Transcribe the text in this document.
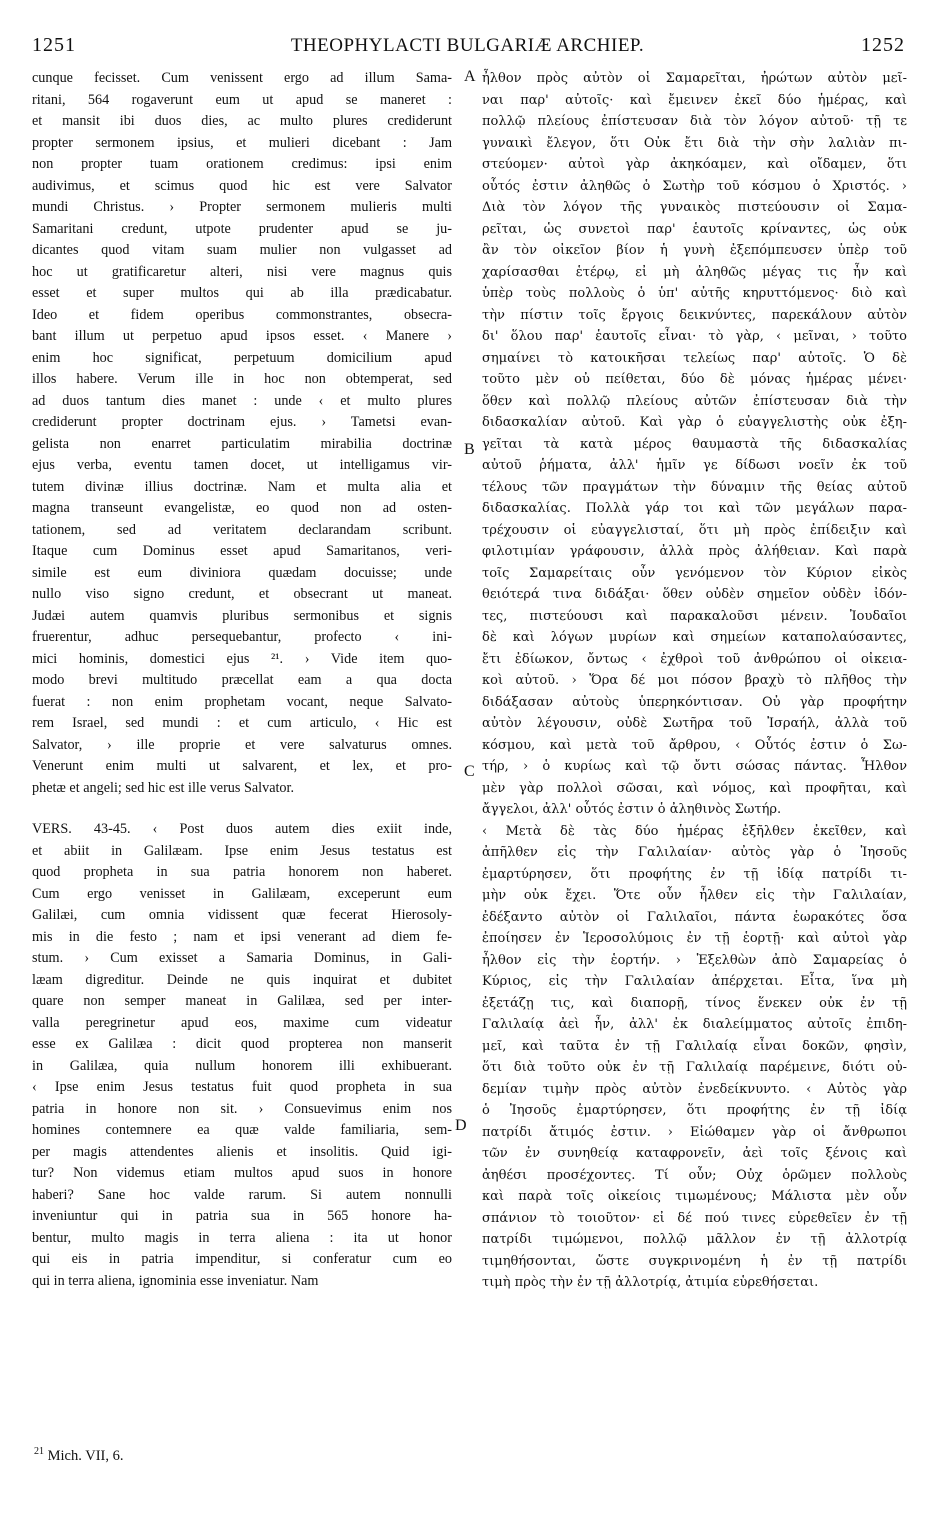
1251	THEOPHYLACTI BULGARIÆ ARCHIEP.	1252
cunque fecisset. Cum venissent ergo ad illum Sama-
ritani, 564 rogaverunt eum ut apud se maneret :
et mansit ibi duos dies, ac multo plures crediderunt
propter sermonem ipsius, et mulieri dicebant : Jam
non propter tuam orationem credimus: ipsi enim
audivimus, et scimus quod hic est vere Salvator
mundi Christus. › Propter sermonem mulieris multi
Samaritani credunt, utpote prudenter apud se ju-
dicantes quod vitam suam mulier non vulgasset ad
hoc ut gratificaretur alteri, nisi vere magnus quis
esset et super multos qui ab illa prædicabatur.
Ideo et fidem operibus commonstrantes, obsecra-
bant illum ut perpetuo apud ipsos esset. ‹ Manere ›
enim hoc significat, perpetuum domicilium apud
illos habere. Verum ille in hoc non obtemperat, sed
ad duos tantum dies manet : unde ‹ et multo plures
crediderunt propter doctrinam ejus. › Tametsi evan-
gelista non enarret particulatim mirabilia doctrinæ
ejus verba, eventu tamen docet, ut intelligamus vir-
tutem divinæ illius doctrinæ. Nam et multa alia et
magna transeunt evangelistæ, eo quod non ad osten-
tationem, sed ad veritatem declarandam scribunt.
Itaque cum Dominus esset apud Samaritanos, veri-
simile est eum diviniora quædam docuisse; unde
nullo viso signo credunt, et obsecrant ut maneat.
Judæi autem quamvis pluribus sermonibus et signis
fruerentur, adhuc persequebantur, profecto ‹ ini-
mici hominis, domestici ejus ²¹. › Vide item quo-
modo brevi multitudo præcellat eam a qua docta
fuerat : non enim prophetam vocant, neque Salvato-
rem Israel, sed mundi : et cum articulo, ‹ Hic est
Salvator, › ille proprie et vere salvaturus omnes.
Venerunt enim multi ut salvarent, et lex, et pro-
phetæ et angeli; sed hic est ille verus Salvator.
VERS. 43-45. ‹ Post duos autem dies exiit inde,
et abiit in Galilæam. Ipse enim Jesus testatus est
quod propheta in sua patria honorem non haberet.
Cum ergo venisset in Galilæam, exceperunt eum
Galilæi, cum omnia vidissent quæ fecerat Hierosoly-
mis in die festo ; nam et ipsi venerant ad diem fe-
stum. › Cum exisset a Samaria Dominus, in Gali-
læam digreditur. Deinde ne quis inquirat et dubitet
quare non semper maneat in Galilæa, sed per inter-
valla peregrinetur apud eos, maxime cum videatur
esse ex Galilæa : dicit quod propterea non manserit
in Galilæa, quia nullum honorem illi exhibuerant.
‹ Ipse enim Jesus testatus fuit quod propheta in sua
patria in honore non sit. › Consuevimus enim nos
homines contemnere ea quæ valde familiaria, sem-
per magis attendentes alienis et insolitis. Quid igi-
tur? Non videmus etiam multos apud suos in honore
haberi? Sane hoc valde rarum. Si autem nonnulli
inveniuntur qui in patria sua in 565 honore ha-
bentur, multo magis in terra aliena : ita ut honor
qui eis in patria impenditur, si conferatur cum eo
qui in terra aliena, ignominia esse inveniatur. Nam
ἦλθον πρὸς αὐτὸν οἱ Σαμαρεῖται, ἠρώτων αὐτὸν μεῖ-
ναι παρ' αὐτοῖς· καὶ ἔμεινεν ἐκεῖ δύο ἡμέρας, καὶ
πολλῷ πλείους ἐπίστευσαν διὰ τὸν λόγον αὐτοῦ· τῇ τε
γυναικὶ ἔλεγον, ὅτι Οὐκ ἔτι διὰ τὴν σὴν λαλιὰν πι-
στεύομεν· αὐτοὶ γὰρ ἀκηκόαμεν, καὶ οἴδαμεν, ὅτι
οὗτός ἐστιν ἀληθῶς ὁ Σωτὴρ τοῦ κόσμου ὁ Χριστός. ›
Διὰ τὸν λόγον τῆς γυναικὸς πιστεύουσιν οἱ Σαμα-
ρεῖται, ὡς συνετοὶ παρ' ἑαυτοῖς κρίναντες, ὡς οὐκ
ἂν τὸν οἰκεῖον βίον ἡ γυνὴ ἐξεπόμπευσεν ὑπὲρ τοῦ
χαρίσασθαι ἑτέρῳ, εἰ μὴ ἀληθῶς μέγας τις ἦν καὶ
ὑπὲρ τοὺς πολλοὺς ὁ ὑπ' αὐτῆς κηρυττόμενος· διὸ καὶ
τὴν πίστιν τοῖς ἔργοις δεικνύντες, παρεκάλουν αὐτὸν
δι' ὅλου παρ' ἑαυτοῖς εἶναι· τὸ γὰρ, ‹ μεῖναι, › τοῦτο
σημαίνει τὸ κατοικῆσαι τελείως παρ' αὐτοῖς. Ὁ δὲ
τοῦτο μὲν οὐ πείθεται, δύο δὲ μόνας ἡμέρας μένει·
ὅθεν καὶ πολλῷ πλείους αὐτῶν ἐπίστευσαν διὰ τὴν
διδασκαλίαν αὐτοῦ. Καὶ γὰρ ὁ εὐαγγελιστὴς οὐκ ἐξη-
γεῖται τὰ κατὰ μέρος θαυμαστὰ τῆς διδασκαλίας
αὐτοῦ ῥήματα, ἀλλ' ἡμῖν γε δίδωσι νοεῖν ἐκ τοῦ
τέλους τῶν πραγμάτων τὴν δύναμιν τῆς θείας αὐτοῦ
διδασκαλίας. Πολλὰ γάρ τοι καὶ τῶν μεγάλων παρα-
τρέχουσιν οἱ εὐαγγελισταί, ὅτι μὴ πρὸς ἐπίδειξιν καὶ
φιλοτιμίαν γράφουσιν, ἀλλὰ πρὸς ἀλήθειαν. Καὶ παρὰ
τοῖς Σαμαρείταις οὖν γενόμενον τὸν Κύριον εἰκὸς
θειότερά τινα διδάξαι· ὅθεν οὐδὲν σημεῖον οὐδὲν ἰδόν-
τες, πιστεύουσι καὶ παρακαλοῦσι μένειν. Ἰουδαῖοι
δὲ καὶ λόγων μυρίων καὶ σημείων καταπολαύσαντες,
ἔτι ἐδίωκον, ὄντως ‹ ἐχθροὶ τοῦ ἀνθρώπου οἱ οἰκεια-
κοὶ αὐτοῦ. › Ὅρα δέ μοι πόσον βραχὺ τὸ πλῆθος τὴν
διδάξασαν αὐτοὺς ὑπερηκόντισαν. Οὐ γὰρ προφήτην
αὐτὸν λέγουσιν, οὐδὲ Σωτῆρα τοῦ Ἰσραήλ, ἀλλὰ τοῦ
κόσμου, καὶ μετὰ τοῦ ἄρθρου, ‹ Οὗτός ἐστιν ὁ Σω-
τήρ, › ὁ κυρίως καὶ τῷ ὄντι σώσας πάντας. Ἦλθον
μὲν γὰρ πολλοὶ σῶσαι, καὶ νόμος, καὶ προφῆται, καὶ
ἄγγελοι, ἀλλ' οὗτός ἐστιν ὁ ἀληθινὸς Σωτήρ.
‹ Μετὰ δὲ τὰς δύο ἡμέρας ἐξῆλθεν ἐκεῖθεν, καὶ
ἀπῆλθεν εἰς τὴν Γαλιλαίαν· αὐτὸς γὰρ ὁ Ἰησοῦς
ἐμαρτύρησεν, ὅτι προφήτης ἐν τῇ ἰδίᾳ πατρίδι τι-
μὴν οὐκ ἔχει. Ὅτε οὖν ἦλθεν εἰς τὴν Γαλιλαίαν,
ἐδέξαντο αὐτὸν οἱ Γαλιλαῖοι, πάντα ἑωρακότες ὅσα
ἐποίησεν ἐν Ἱεροσολύμοις ἐν τῇ ἑορτῇ· καὶ αὐτοὶ γὰρ
ἦλθον εἰς τὴν ἑορτήν. › Ἐξελθὼν ἀπὸ Σαμαρείας ὁ
Κύριος, εἰς τὴν Γαλιλαίαν ἀπέρχεται. Εἶτα, ἵνα μὴ
ἐξετάζῃ τις, καὶ διαπορῇ, τίνος ἕνεκεν οὐκ ἐν τῇ
Γαλιλαίᾳ ἀεὶ ἦν, ἀλλ' ἐκ διαλείμματος αὐτοῖς ἐπιδη-
μεῖ, καὶ ταῦτα ἐν τῇ Γαλιλαίᾳ εἶναι δοκῶν, φησὶν,
ὅτι διὰ τοῦτο οὐκ ἐν τῇ Γαλιλαίᾳ παρέμεινε, διότι οὐ-
δεμίαν τιμὴν πρὸς αὐτὸν ἐνεδείκνυντο. ‹ Αὐτὸς γὰρ
ὁ Ἰησοῦς ἐμαρτύρησεν, ὅτι προφήτης ἐν τῇ ἰδίᾳ
πατρίδι ἄτιμός ἐστιν. › Εἰώθαμεν γὰρ οἱ ἄνθρωποι
τῶν ἐν συνηθείᾳ καταφρονεῖν, ἀεὶ τοῖς ξένοις καὶ
ἀηθέσι προσέχοντες. Τί οὖν; Οὐχ ὁρῶμεν πολλοὺς
καὶ παρὰ τοῖς οἰκείοις τιμωμένους; Μάλιστα μὲν οὖν
σπάνιον τὸ τοιοῦτον· εἰ δέ πού τινες εὑρεθεῖεν ἐν τῇ
πατρίδι τιμώμενοι, πολλῷ μᾶλλον ἐν τῇ ἀλλοτρίᾳ
τιμηθήσονται, ὥστε συγκρινομένη ἡ ἐν τῇ πατρίδι
τιμὴ πρὸς τὴν ἐν τῇ ἀλλοτρίᾳ, ἀτιμία εὑρεθήσεται.
A
B
C
D
$^{21}$ Mich. VII, 6.
